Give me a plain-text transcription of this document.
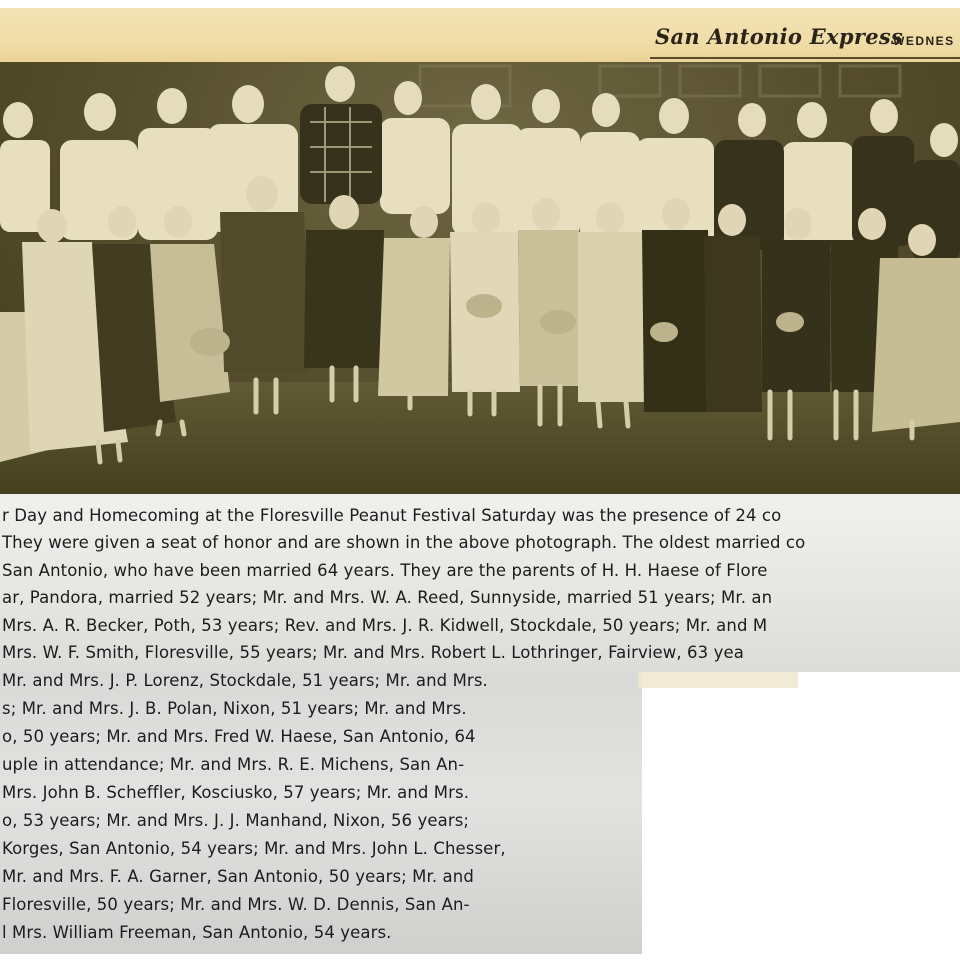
San Antonio Express
WEDNES
r Day and Homecoming at the Floresville Peanut Festival Saturday was the presence of 24 co
They were given a seat of honor and are shown in the above photograph. The oldest married co
San Antonio, who have been married 64 years. They are the parents of H. H. Haese of Flore
ar, Pandora, married 52 years; Mr. and Mrs. W. A. Reed, Sunnyside, married 51 years; Mr. an
Mrs. A. R. Becker, Poth, 53 years; Rev. and Mrs. J. R. Kidwell, Stockdale, 50 years; Mr. and M
Mrs. W. F. Smith, Floresville, 55 years; Mr. and Mrs. Robert L. Lothringer, Fairview, 63 yea
Mr. and Mrs. J. P. Lorenz, Stockdale, 51 years; Mr. and Mrs.
s; Mr. and Mrs. J. B. Polan, Nixon, 51 years; Mr. and Mrs.
o, 50 years; Mr. and Mrs. Fred W. Haese, San Antonio, 64
uple in attendance; Mr. and Mrs. R. E. Michens, San An-
Mrs. John B. Scheffler, Kosciusko, 57 years; Mr. and Mrs.
o, 53 years; Mr. and Mrs. J. J. Manhand, Nixon, 56 years;
Korges, San Antonio, 54 years; Mr. and Mrs. John L. Chesser,
Mr. and Mrs. F. A. Garner, San Antonio, 50 years; Mr. and
Floresville, 50 years; Mr. and Mrs. W. D. Dennis, San An-
l Mrs. William Freeman, San Antonio, 54 years.
